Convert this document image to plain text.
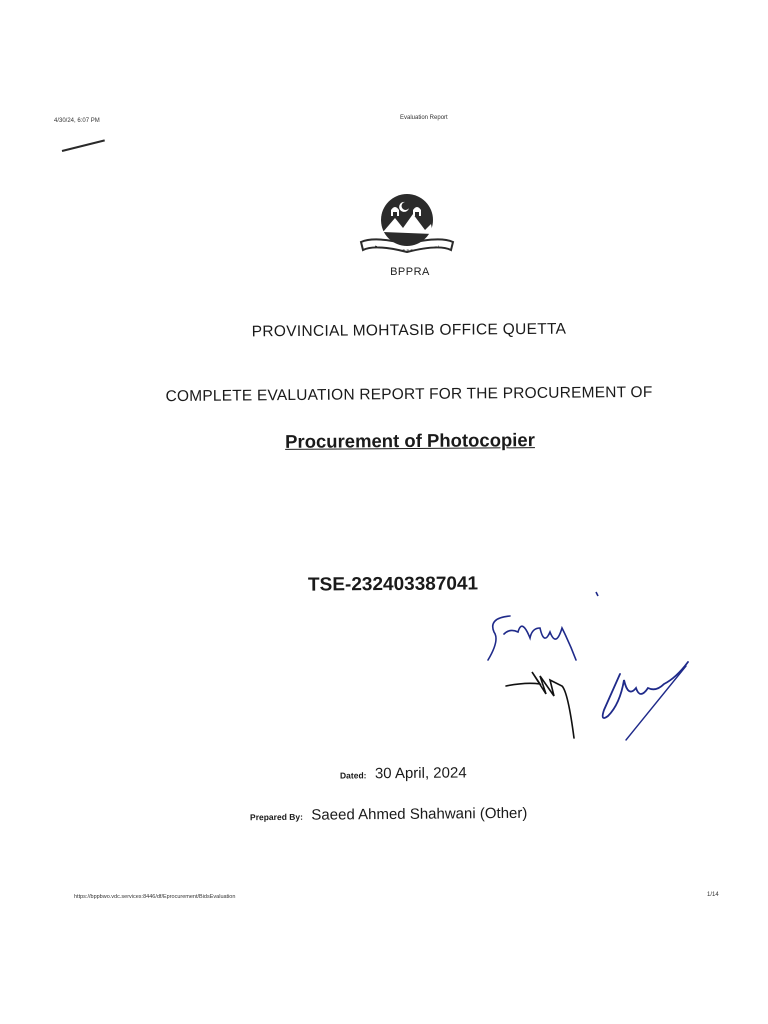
4/30/24, 6:07 PM	Evaluation Report
BPPRA
PROVINCIAL MOHTASIB OFFICE QUETTA
COMPLETE EVALUATION REPORT FOR THE PROCUREMENT OF
Procurement of Photocopier
TSE-232403387041
Dated: 30 April, 2024
Prepared By: Saeed Ahmed Shahwani (Other)
https://bppbwo.vdc.services:8446/df/Eprocurement/BidsEvaluation	1/14
